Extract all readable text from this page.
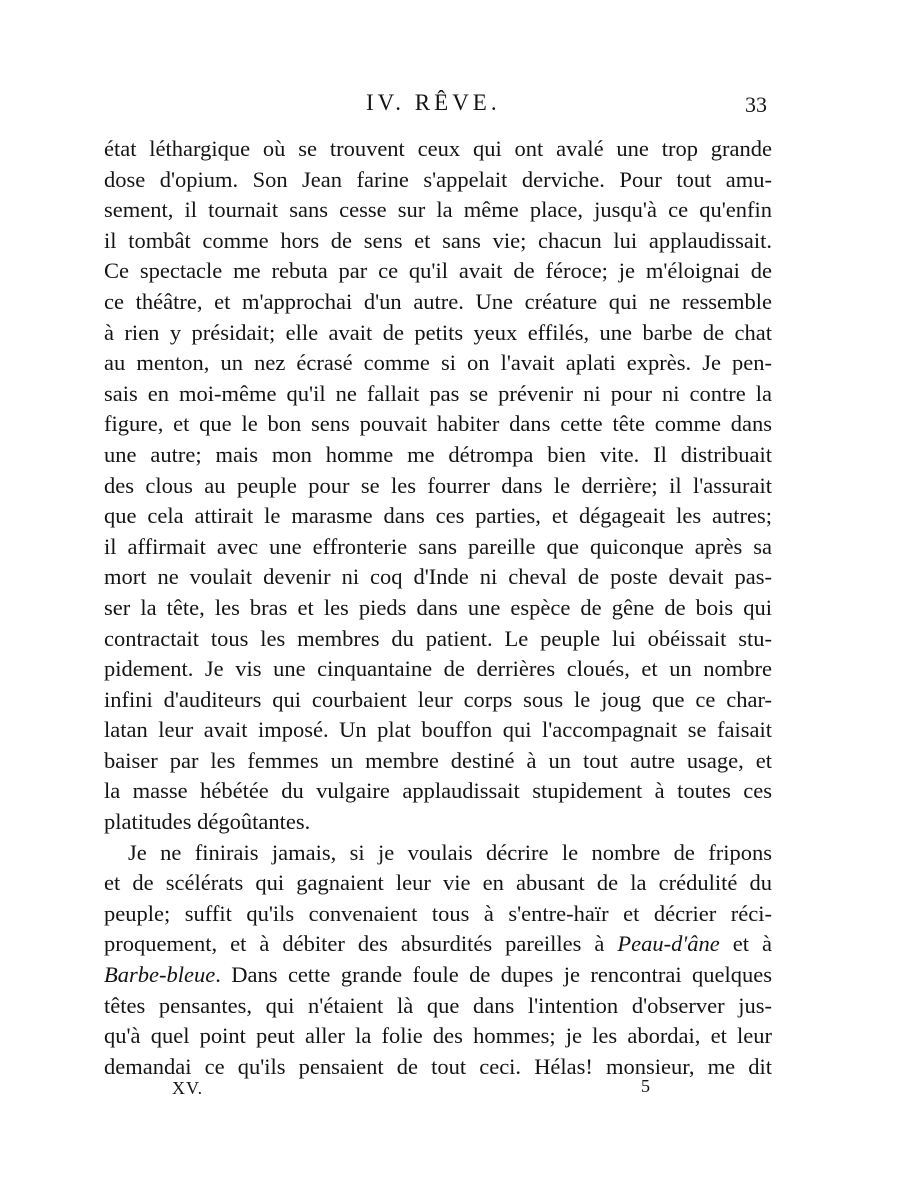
IV. RÊVE.	33
état léthargique où se trouvent ceux qui ont avalé une trop grande
dose d'opium. Son Jean farine s'appelait derviche. Pour tout amu-
sement, il tournait sans cesse sur la même place, jusqu'à ce qu'enfin
il tombât comme hors de sens et sans vie; chacun lui applaudissait.
Ce spectacle me rebuta par ce qu'il avait de féroce; je m'éloignai de
ce théâtre, et m'approchai d'un autre. Une créature qui ne ressemble
à rien y présidait; elle avait de petits yeux effilés, une barbe de chat
au menton, un nez écrasé comme si on l'avait aplati exprès. Je pen-
sais en moi-même qu'il ne fallait pas se prévenir ni pour ni contre la
figure, et que le bon sens pouvait habiter dans cette tête comme dans
une autre; mais mon homme me détrompa bien vite. Il distribuait
des clous au peuple pour se les fourrer dans le derrière; il l'assurait
que cela attirait le marasme dans ces parties, et dégageait les autres;
il affirmait avec une effronterie sans pareille que quiconque après sa
mort ne voulait devenir ni coq d'Inde ni cheval de poste devait pas-
ser la tête, les bras et les pieds dans une espèce de gêne de bois qui
contractait tous les membres du patient. Le peuple lui obéissait stu-
pidement. Je vis une cinquantaine de derrières cloués, et un nombre
infini d'auditeurs qui courbaient leur corps sous le joug que ce char-
latan leur avait imposé. Un plat bouffon qui l'accompagnait se faisait
baiser par les femmes un membre destiné à un tout autre usage, et
la masse hébétée du vulgaire applaudissait stupidement à toutes ces
platitudes dégoûtantes.
Je ne finirais jamais, si je voulais décrire le nombre de fripons
et de scélérats qui gagnaient leur vie en abusant de la crédulité du
peuple; suffit qu'ils convenaient tous à s'entre-haïr et décrier réci-
proquement, et à débiter des absurdités pareilles à Peau-d'âne et à
Barbe-bleue. Dans cette grande foule de dupes je rencontrai quelques
têtes pensantes, qui n'étaient là que dans l'intention d'observer jus-
qu'à quel point peut aller la folie des hommes; je les abordai, et leur
demandai ce qu'ils pensaient de tout ceci. Hélas! monsieur, me dit
XV.	5
